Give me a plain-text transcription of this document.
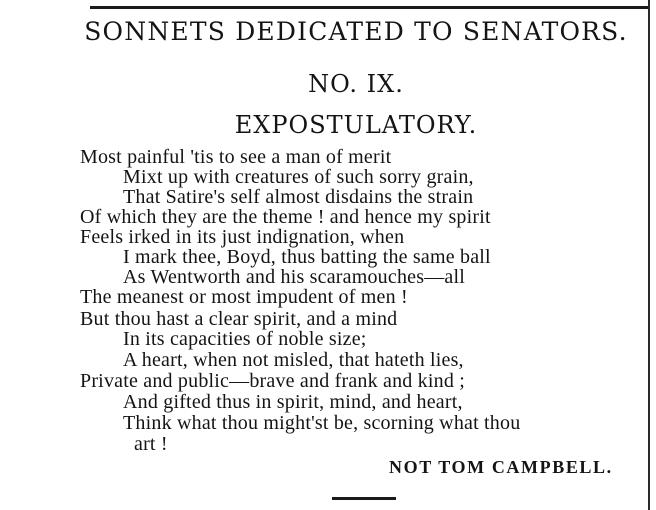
SONNETS DEDICATED TO SENATORS.
NO. IX.
EXPOSTULATORY.
Most painful 'tis to see a man of merit
Mixt up with creatures of such sorry grain,
That Satire's self almost disdains the strain
Of which they are the theme ! and hence my spirit
Feels irked in its just indignation, when
I mark thee, Boyd, thus batting the same ball
As Wentworth and his scaramouches—all
The meanest or most impudent of men !
But thou hast a clear spirit, and a mind
In its capacities of noble size;
A heart, when not misled, that hateth lies,
Private and public—brave and frank and kind ;
And gifted thus in spirit, mind, and heart,
Think what thou might'st be, scorning what thou
art !
NOT TOM CAMPBELL.
